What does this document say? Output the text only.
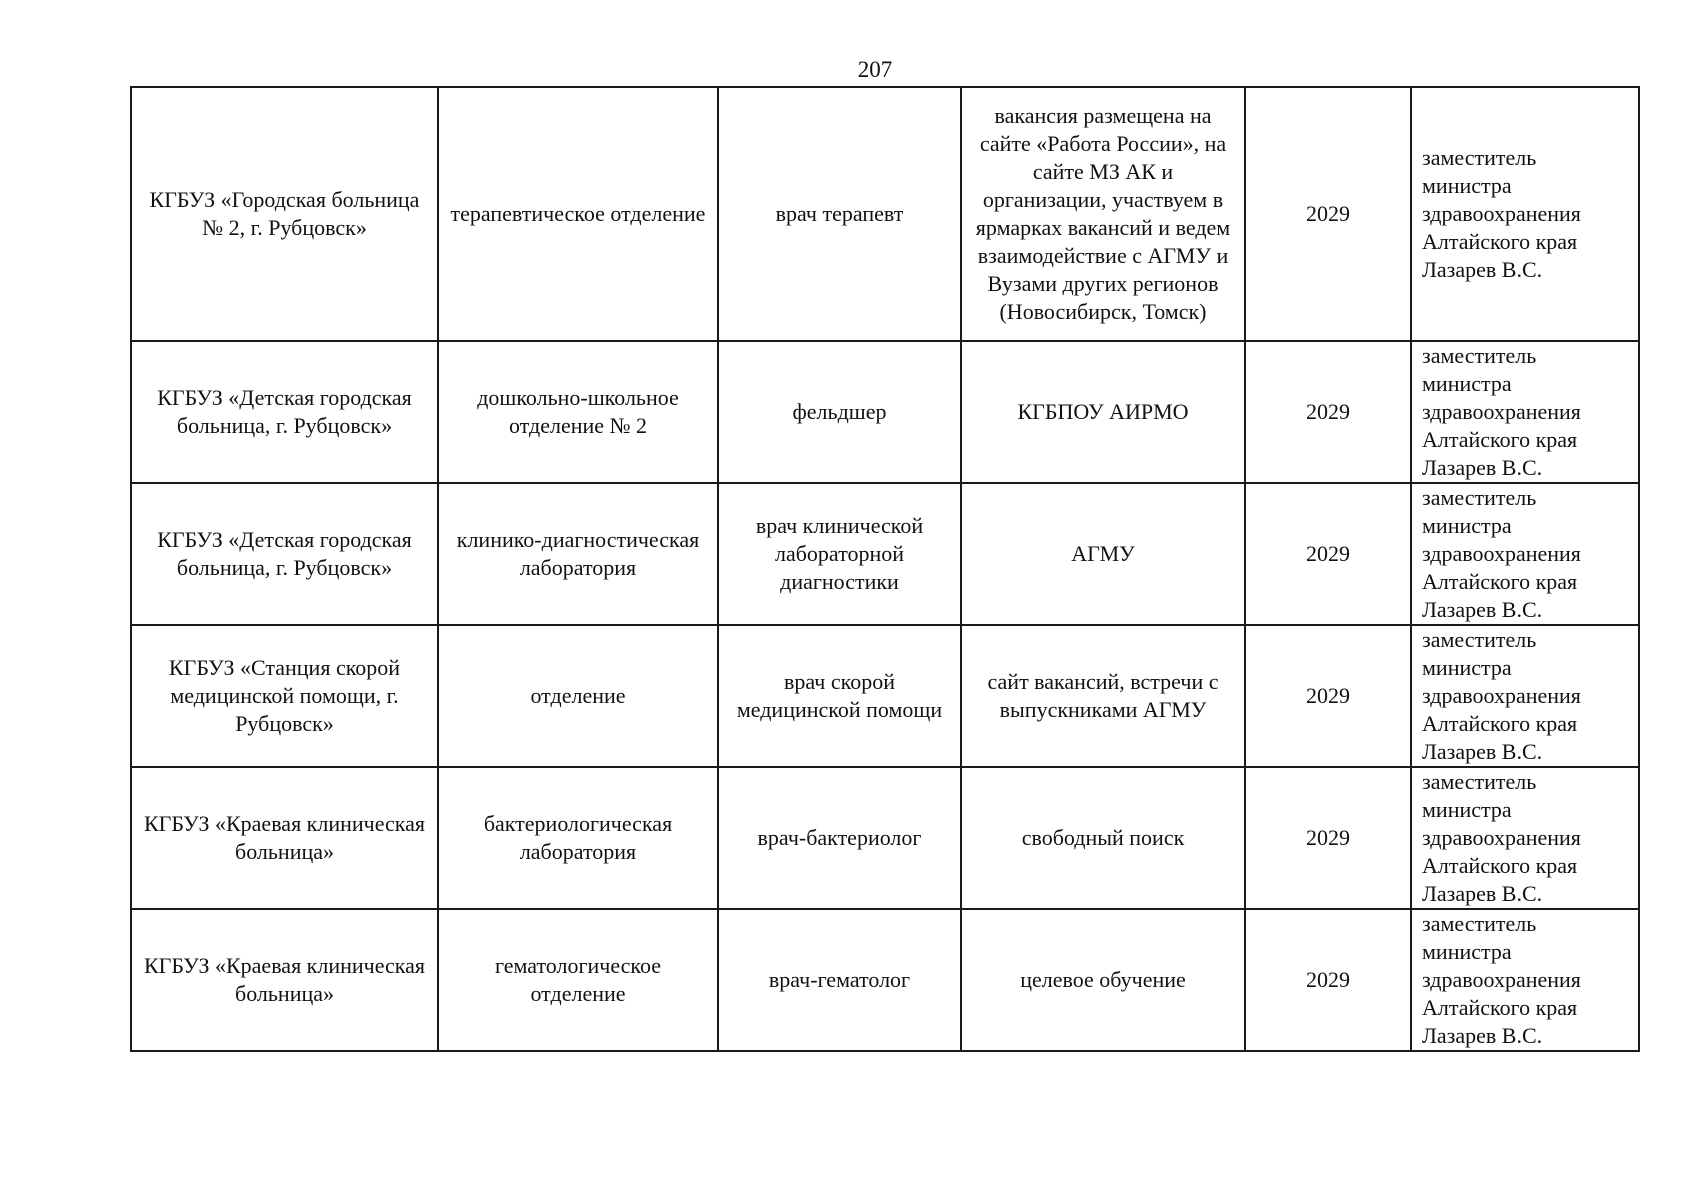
207
КГБУЗ «Городская больница № 2, г. Рубцовск»	терапевтическое отделение	врач терапевт	вакансия размещена на сайте «Работа России», на сайте МЗ АК и организации, участвуем в ярмарках вакансий и ведем взаимодействие с АГМУ и Вузами других регионов (Новосибирск, Томск)	2029	заместитель министра здравоохранения Алтайского края Лазарев В.С.
КГБУЗ «Детская городская больница, г. Рубцовск»	дошкольно-школьное отделение № 2	фельдшер	КГБПОУ АИРМО	2029	заместитель министра здравоохранения Алтайского края Лазарев В.С.
КГБУЗ «Детская городская больница, г. Рубцовск»	клинико-диагностическая лаборатория	врач клинической лабораторной диагностики	АГМУ	2029	заместитель министра здравоохранения Алтайского края Лазарев В.С.
КГБУЗ «Станция скорой медицинской помощи, г. Рубцовск»	отделение	врач скорой медицинской помощи	сайт вакансий, встречи с выпускниками АГМУ	2029	заместитель министра здравоохранения Алтайского края Лазарев В.С.
КГБУЗ «Краевая клиническая больница»	бактериологическая лаборатория	врач-бактериолог	свободный поиск	2029	заместитель министра здравоохранения Алтайского края Лазарев В.С.
КГБУЗ «Краевая клиническая больница»	гематологическое отделение	врач-гематолог	целевое обучение	2029	заместитель министра здравоохранения Алтайского края Лазарев В.С.
